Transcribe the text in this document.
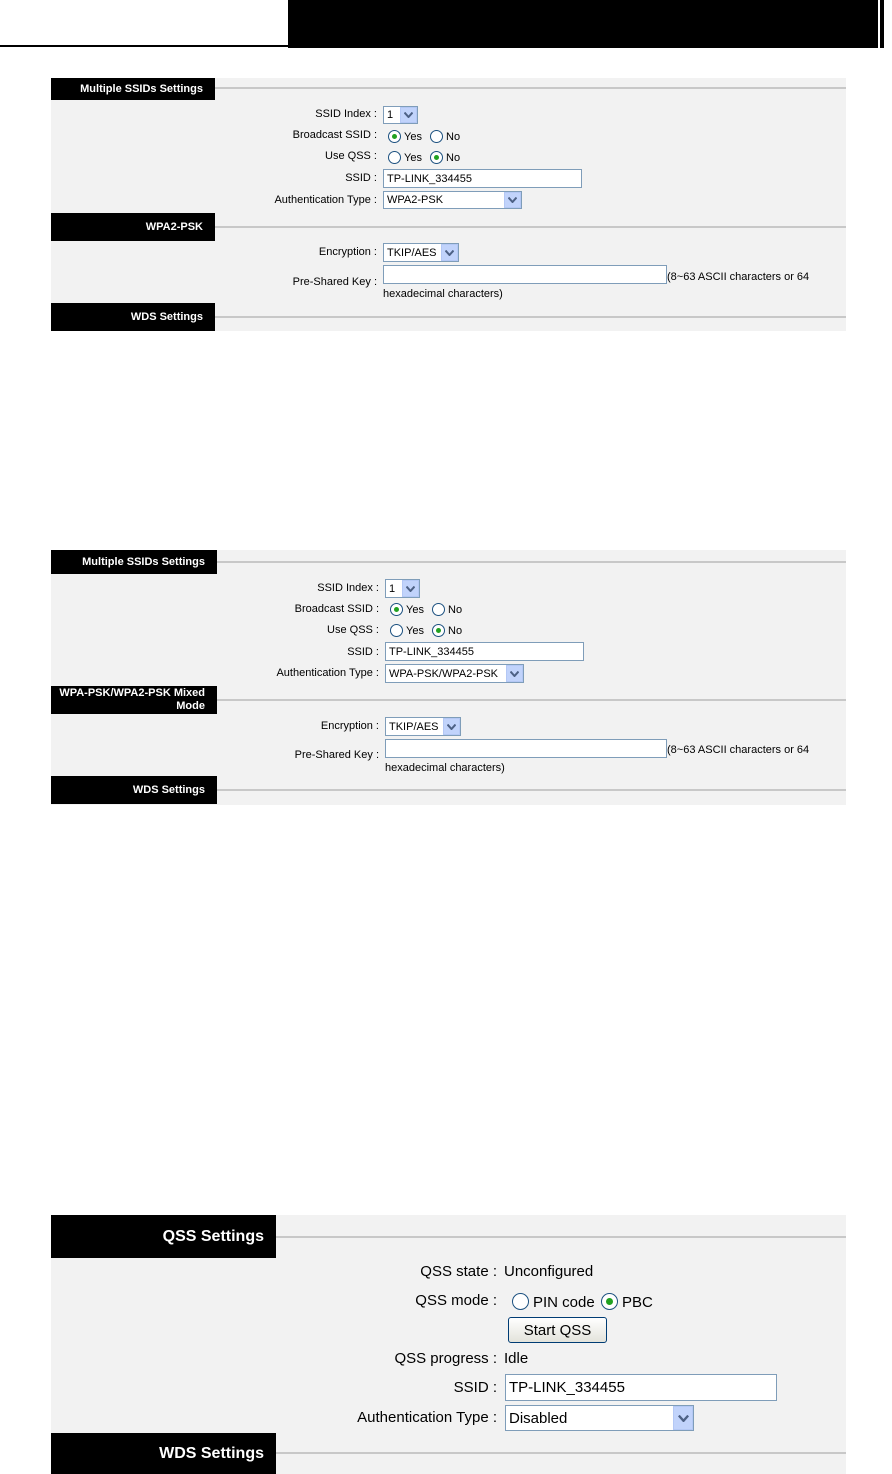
Multiple SSIDs Settings
SSID Index : 1
Broadcast SSID : Yes No
Use QSS : Yes No
SSID : TP-LINK_334455
Authentication Type : WPA2-PSK
WPA2-PSK
Encryption : TKIP/AES
Pre-Shared Key :	(8~63 ASCII characters or 64
hexadecimal characters)
WDS Settings
Multiple SSIDs Settings
SSID Index : 1
Broadcast SSID : Yes No
Use QSS : Yes No
SSID : TP-LINK_334455
Authentication Type : WPA-PSK/WPA2-PSK
WPA-PSK/WPA2-PSK Mixed
Mode
Encryption : TKIP/AES
Pre-Shared Key :	(8~63 ASCII characters or 64
hexadecimal characters)
WDS Settings
QSS Settings
QSS state : Unconfigured
QSS mode : PIN code PBC
Start QSS
QSS progress : Idle
SSID : TP-LINK_334455
Authentication Type : Disabled
WDS Settings
